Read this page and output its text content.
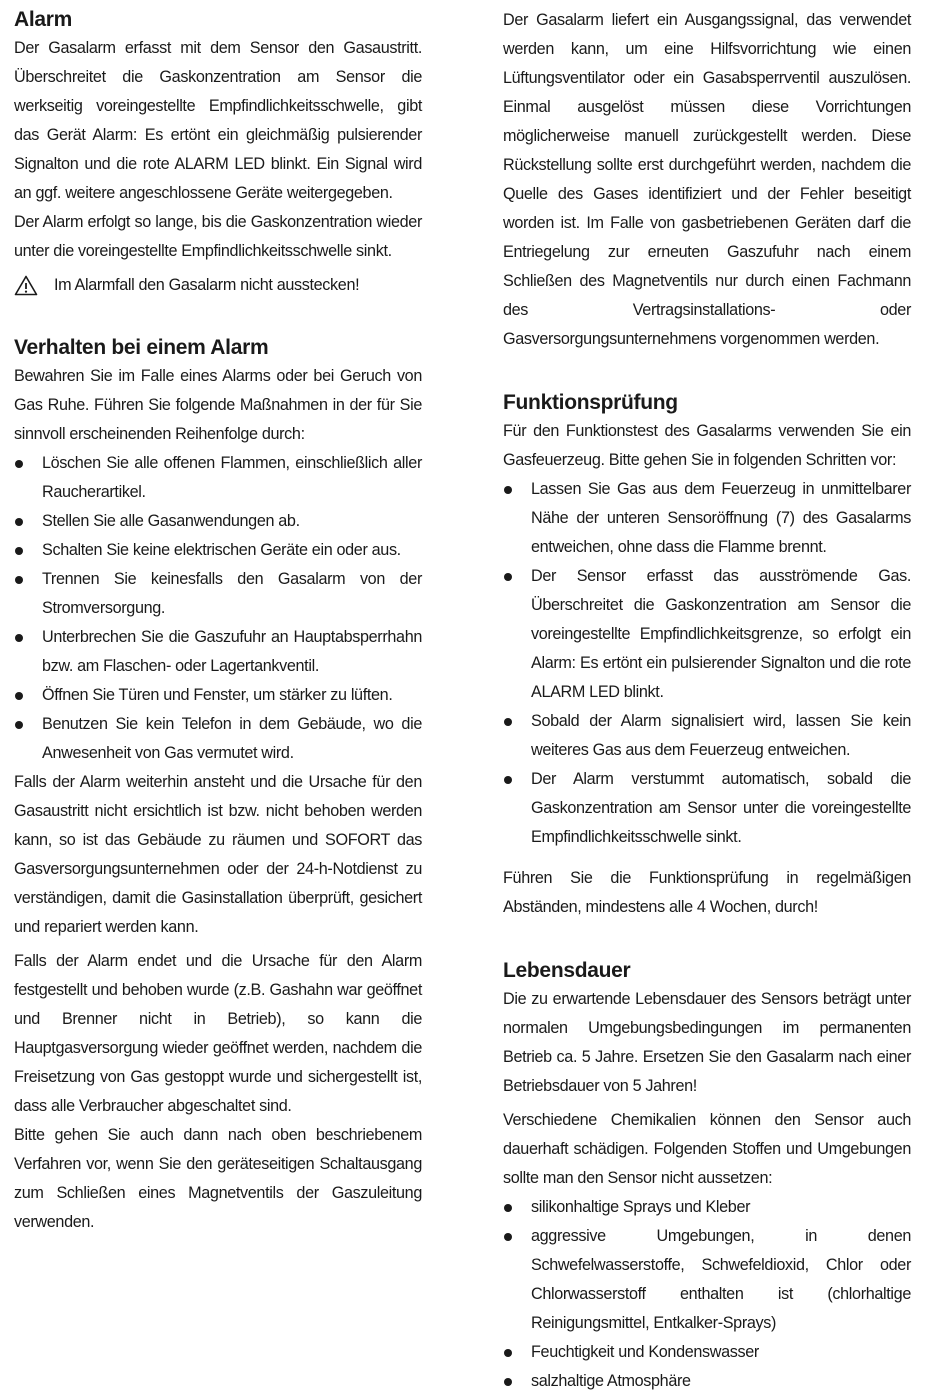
Alarm

Der Gasalarm erfasst mit dem Sensor den Gasaustritt. Überschreitet die Gaskonzentration am Sensor die werkseitig voreingestellte Empfindlichkeitsschwelle, gibt das Gerät Alarm: Es ertönt ein gleichmäßig pulsierender Signalton und die rote ALARM LED blinkt. Ein Signal wird an ggf. weitere angeschlossene Geräte weitergegeben.

Der Alarm erfolgt so lange, bis die Gaskonzentration wieder unter die voreingestellte Empfindlichkeitsschwelle sinkt.

Im Alarmfall den Gasalarm nicht ausstecken!
Verhalten bei einem Alarm

Bewahren Sie im Falle eines Alarms oder bei Geruch von Gas Ruhe. Führen Sie folgende Maßnahmen in der für Sie sinnvoll erscheinenden Reihenfolge durch:

Löschen Sie alle offenen Flammen, einschließlich aller Raucherartikel.
Stellen Sie alle Gasanwendungen ab.
Schalten Sie keine elektrischen Geräte ein oder aus.
Trennen Sie keinesfalls den Gasalarm von der Stromversorgung.
Unterbrechen Sie die Gaszufuhr an Hauptabsperrhahn bzw. am Flaschen- oder Lagertankventil.
Öffnen Sie Türen und Fenster, um stärker zu lüften.
Benutzen Sie kein Telefon in dem Gebäude, wo die Anwesenheit von Gas vermutet wird.

Falls der Alarm weiterhin ansteht und die Ursache für den Gasaustritt nicht ersichtlich ist bzw. nicht behoben werden kann, so ist das Gebäude zu räumen und SOFORT das Gasversorgungsunternehmen oder der 24-h-Notdienst zu verständigen, damit die Gasinstallation überprüft, gesichert und repariert werden kann.

Falls der Alarm endet und die Ursache für den Alarm festgestellt und behoben wurde (z.B. Gashahn war geöffnet und Brenner nicht in Betrieb), so kann die Hauptgasversorgung wieder geöffnet werden, nachdem die Freisetzung von Gas gestoppt wurde und sichergestellt ist, dass alle Verbraucher abgeschaltet sind.

Bitte gehen Sie auch dann nach oben beschriebenem Verfahren vor, wenn Sie den geräteseitigen Schaltausgang zum Schließen eines Magnetventils der Gaszuleitung verwenden.

Der Gasalarm liefert ein Ausgangssignal, das verwendet werden kann, um eine Hilfsvorrichtung wie einen Lüftungsventilator oder ein Gasabsperrventil auszulösen. Einmal ausgelöst müssen diese Vorrichtungen möglicherweise manuell zurückgestellt werden. Diese Rückstellung sollte erst durchgeführt werden, nachdem die Quelle des Gases identifiziert und der Fehler beseitigt worden ist. Im Falle von gasbetriebenen Geräten darf die Entriegelung zur erneuten Gaszufuhr nach einem Schließen des Magnetventils nur durch einen Fachmann des Vertragsinstallations- oder Gasversorgungsunternehmens vorgenommen werden.

Funktionsprüfung

Für den Funktionstest des Gasalarms verwenden Sie ein Gasfeuerzeug. Bitte gehen Sie in folgenden Schritten vor:

Lassen Sie Gas aus dem Feuerzeug in unmittelbarer Nähe der unteren Sensoröffnung (7) des Gasalarms entweichen, ohne dass die Flamme brennt.
Der Sensor erfasst das ausströmende Gas. Überschreitet die Gaskonzentration am Sensor die voreingestellte Empfindlichkeitsgrenze, so erfolgt ein Alarm: Es ertönt ein pulsierender Signalton und die rote ALARM LED blinkt.
Sobald der Alarm signalisiert wird, lassen Sie kein weiteres Gas aus dem Feuerzeug entweichen.
Der Alarm verstummt automatisch, sobald die Gaskonzentration am Sensor unter die voreingestellte Empfindlichkeitsschwelle sinkt.

Führen Sie die Funktionsprüfung in regelmäßigen Abständen, mindestens alle 4 Wochen, durch!

Lebensdauer

Die zu erwartende Lebensdauer des Sensors beträgt unter normalen Umgebungsbedingungen im permanenten Betrieb ca. 5 Jahre. Ersetzen Sie den Gasalarm nach einer Betriebsdauer von 5 Jahren!

Verschiedene Chemikalien können den Sensor auch dauerhaft schädigen. Folgenden Stoffen und Umgebungen sollte man den Sensor nicht aussetzen:

silikonhaltige Sprays und Kleber
aggressive Umgebungen, in denen Schwefelwasserstoffe, Schwefeldioxid, Chlor oder Chlorwasserstoff enthalten ist (chlorhaltige Reinigungsmittel, Entkalker-Sprays)
Feuchtigkeit und Kondenswasser
salzhaltige Atmosphäre
